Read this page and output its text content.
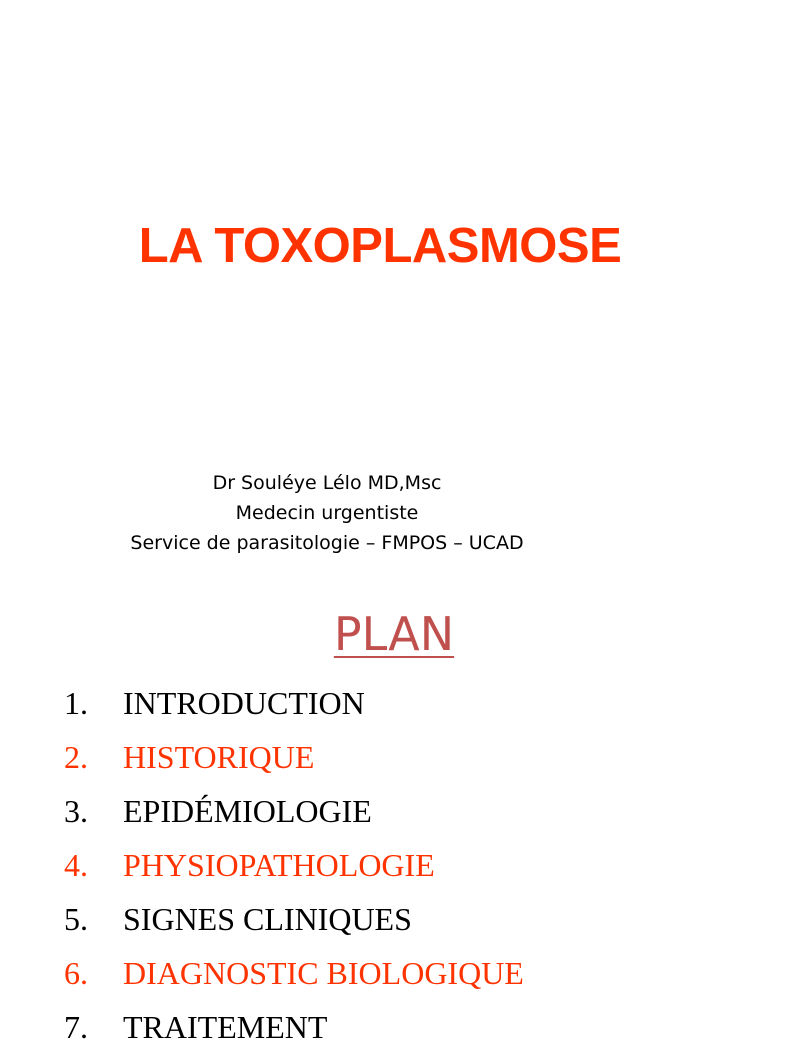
LA TOXOPLASMOSE
Dr Souléye Lélo MD,Msc
Medecin urgentiste
Service de parasitologie – FMPOS – UCAD
PLAN
1.	INTRODUCTION
2.	HISTORIQUE
3.	EPIDÉMIOLOGIE
4.	PHYSIOPATHOLOGIE
5.	SIGNES CLINIQUES
6.	DIAGNOSTIC BIOLOGIQUE
7.	TRAITEMENT
